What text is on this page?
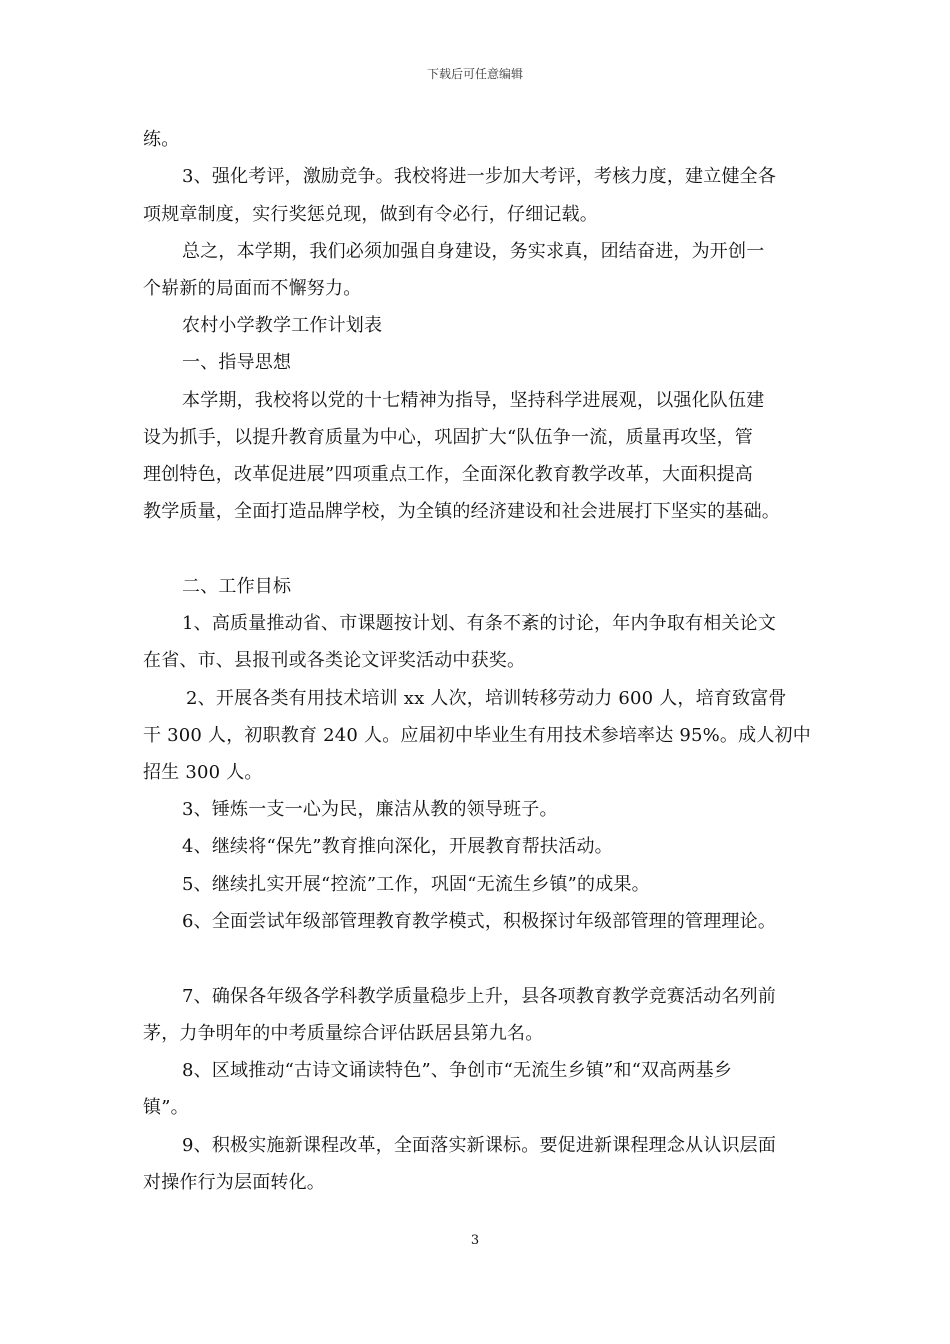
下载后可任意编辑
练。
3、强化考评，激励竞争。我校将进一步加大考评，考核力度，建立健全各
项规章制度，实行奖惩兑现，做到有令必行，仔细记载。
总之，本学期，我们必须加强自身建设，务实求真，团结奋进，为开创一
个崭新的局面而不懈努力。
农村小学教学工作计划表
一、指导思想
本学期，我校将以党的十七精神为指导，坚持科学进展观，以强化队伍建
设为抓手，以提升教育质量为中心，巩固扩大“队伍争一流，质量再攻坚，管
理创特色，改革促进展”四项重点工作，全面深化教育教学改革，大面积提高
教学质量，全面打造品牌学校，为全镇的经济建设和社会进展打下坚实的基础。
二、工作目标
1、高质量推动省、市课题按计划、有条不紊的讨论，年内争取有相关论文
在省、市、县报刊或各类论文评奖活动中获奖。
2、开展各类有用技术培训 xx 人次，培训转移劳动力 600 人，培育致富骨
干 300 人，初职教育 240 人。应届初中毕业生有用技术参培率达 95%。成人初中
招生 300 人。
3、锤炼一支一心为民，廉洁从教的领导班子。
4、继续将“保先”教育推向深化，开展教育帮扶活动。
5、继续扎实开展“控流”工作，巩固“无流生乡镇”的成果。
6、全面尝试年级部管理教育教学模式，积极探讨年级部管理的管理理论。
7、确保各年级各学科教学质量稳步上升，县各项教育教学竞赛活动名列前
茅，力争明年的中考质量综合评估跃居县第九名。
8、区域推动“古诗文诵读特色”、争创市“无流生乡镇”和“双高两基乡
镇”。
9、积极实施新课程改革，全面落实新课标。要促进新课程理念从认识层面
对操作行为层面转化。
3
